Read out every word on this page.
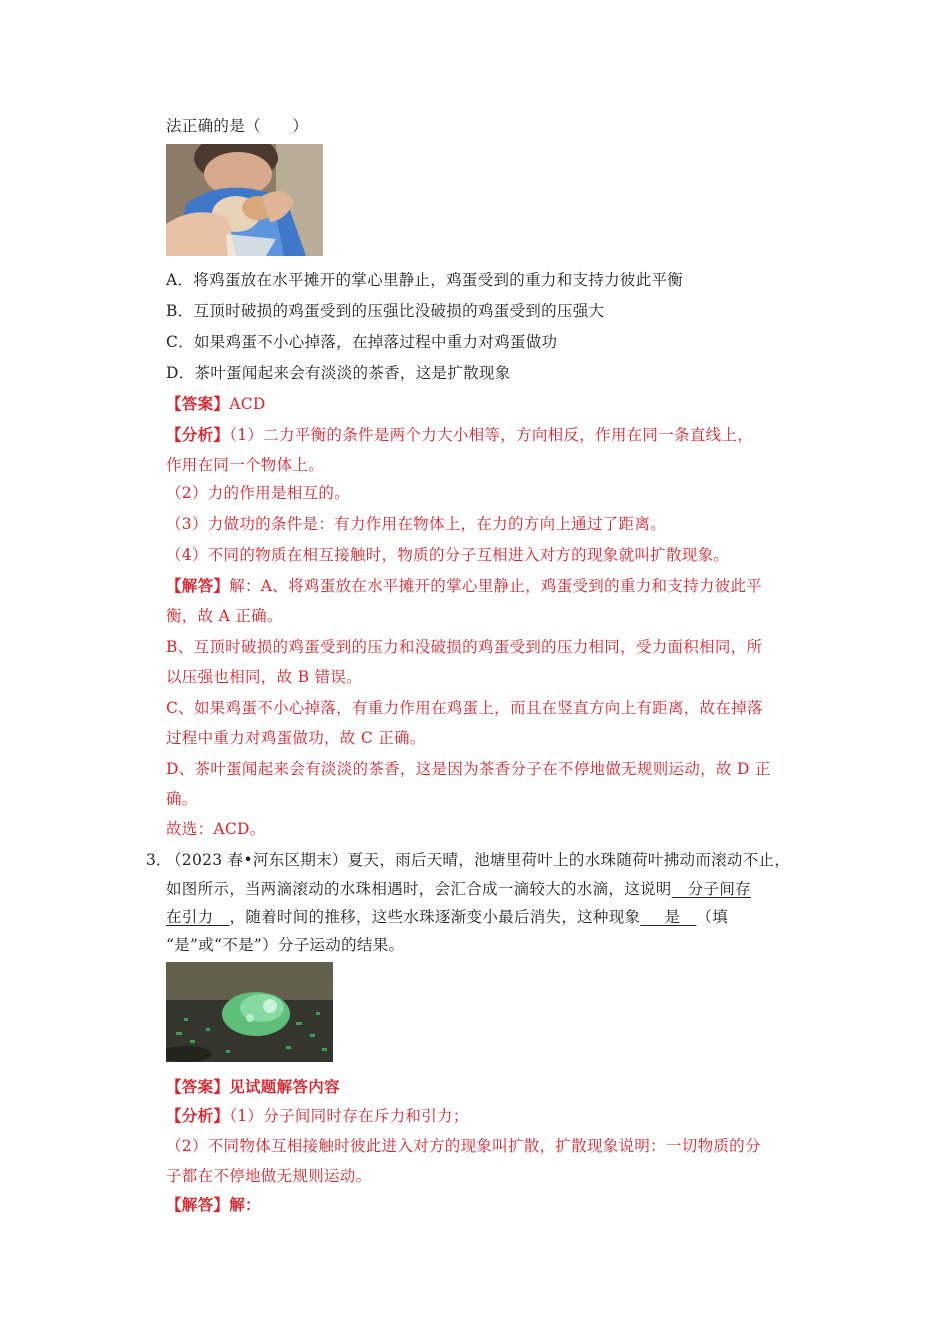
法正确的是（　　）
A．将鸡蛋放在水平摊开的掌心里静止，鸡蛋受到的重力和支持力彼此平衡
B．互顶时破损的鸡蛋受到的压强比没破损的鸡蛋受到的压强大
C．如果鸡蛋不小心掉落，在掉落过程中重力对鸡蛋做功
D．茶叶蛋闻起来会有淡淡的茶香，这是扩散现象
【答案】ACD
【分析】（1）二力平衡的条件是两个力大小相等，方向相反，作用在同一条直线上，
作用在同一个物体上。
（2）力的作用是相互的。
（3）力做功的条件是：有力作用在物体上，在力的方向上通过了距离。
（4）不同的物质在相互接触时，物质的分子互相进入对方的现象就叫扩散现象。
【解答】解：A、将鸡蛋放在水平摊开的掌心里静止，鸡蛋受到的重力和支持力彼此平
衡，故 A 正确。
B、互顶时破损的鸡蛋受到的压力和没破损的鸡蛋受到的压力相同，受力面积相同，所
以压强也相同，故 B 错误。
C、如果鸡蛋不小心掉落，有重力作用在鸡蛋上，而且在竖直方向上有距离，故在掉落
过程中重力对鸡蛋做功，故 C 正确。
D、茶叶蛋闻起来会有淡淡的茶香，这是因为茶香分子在不停地做无规则运动，故 D 正
确。
故选：ACD。
3．
（2023 春•河东区期末）夏天，雨后天晴，池塘里荷叶上的水珠随荷叶拂动而滚动不止，
如图所示，当两滴滚动的水珠相遇时，会汇合成一滴较大的水滴，这说明   分子间存
在引力   ，随着时间的推移，这些水珠逐渐变小最后消失，这种现象    是   （填
“是”或“不是”）分子运动的结果。
【答案】见试题解答内容
【分析】（1）分子间同时存在斥力和引力；
（2）不同物体互相接触时彼此进入对方的现象叫扩散，扩散现象说明：一切物质的分
子都在不停地做无规则运动。
【解答】解：
